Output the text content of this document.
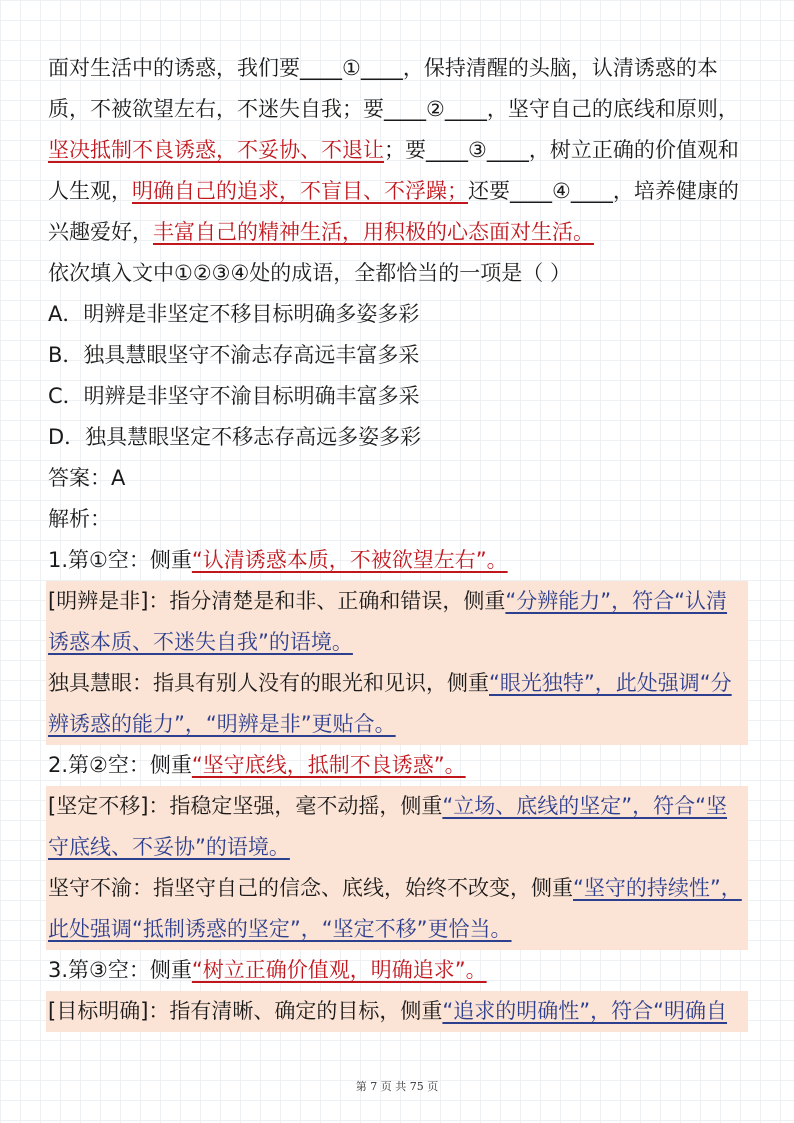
面对生活中的诱惑，我们要____①____，保持清醒的头脑，认清诱惑的本质，不被欲望左右，不迷失自我；要____②____，坚守自己的底线和原则，坚决抵制不良诱惑，不妥协、不退让；要____③____，树立正确的价值观和人生观，明确自己的追求，不盲目、不浮躁；还要____④____，培养健康的兴趣爱好，丰富自己的精神生活，用积极的心态面对生活。

依次填入文中①②③④处的成语，全都恰当的一项是（ ）

A．明辨是非坚定不移目标明确多姿多彩

B．独具慧眼坚守不渝志存高远丰富多采

C．明辨是非坚守不渝目标明确丰富多采

D．独具慧眼坚定不移志存高远多姿多彩

答案：A

解析：

1.第①空：侧重“认清诱惑本质，不被欲望左右”。

[明辨是非]：指分清楚是和非、正确和错误，侧重“分辨能力”，符合“认清诱惑本质、不迷失自我”的语境。

独具慧眼：指具有别人没有的眼光和见识，侧重“眼光独特”，此处强调“分辨诱惑的能力”，“明辨是非”更贴合。

2.第②空：侧重“坚守底线，抵制不良诱惑”。

[坚定不移]：指稳定坚强，毫不动摇，侧重“立场、底线的坚定”，符合“坚守底线、不妥协”的语境。

坚守不渝：指坚守自己的信念、底线，始终不改变，侧重“坚守的持续性”，此处强调“抵制诱惑的坚定”，“坚定不移”更恰当。

3.第③空：侧重“树立正确价值观，明确追求”。

[目标明确]：指有清晰、确定的目标，侧重“追求的明确性”，符合“明确自

第 7 页 共 75 页
